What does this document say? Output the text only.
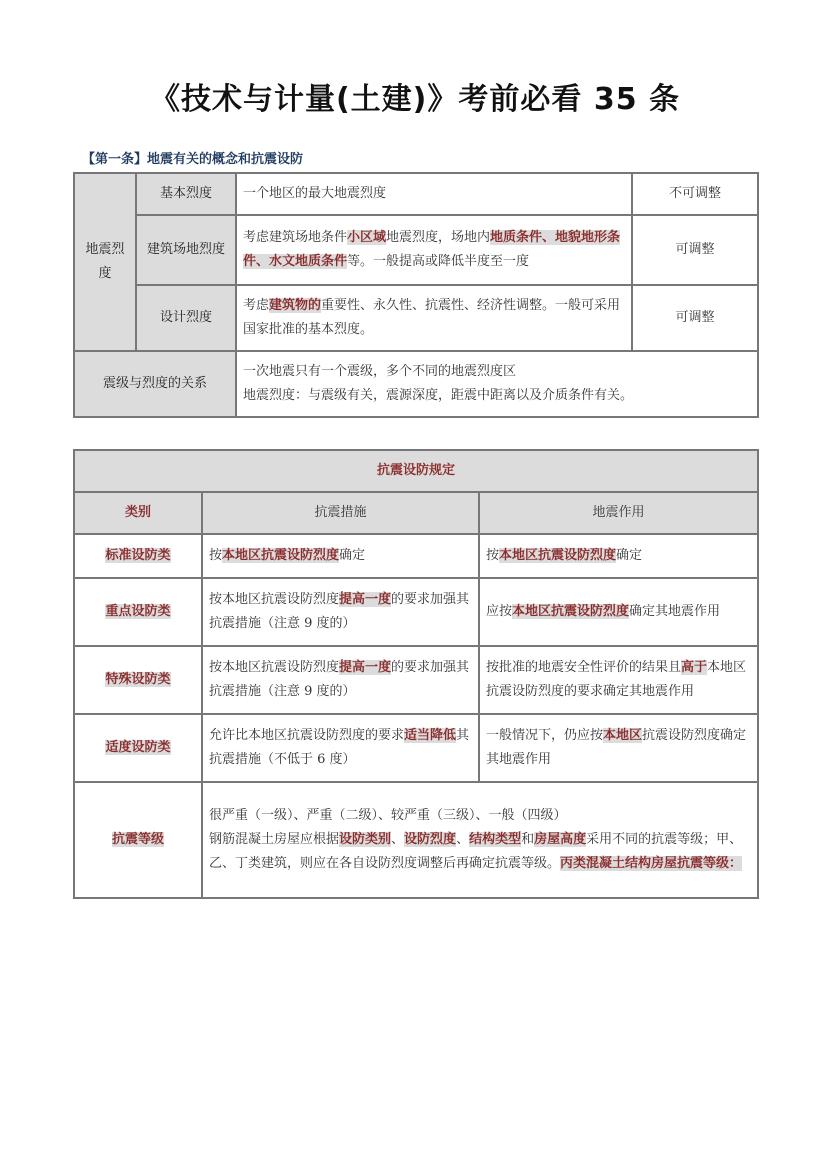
《技术与计量(土建)》考前必看 35 条
【第一条】地震有关的概念和抗震设防
地震烈度	基本烈度	一个地区的最大地震烈度	不可调整
	建筑场地烈度	考虑建筑场地条件小区域地震烈度，场地内地质条件、地貌地形条件、水文地质条件等。一般提高或降低半度至一度	可调整
	设计烈度	考虑建筑物的重要性、永久性、抗震性、经济性调整。一般可采用国家批准的基本烈度。	可调整
震级与烈度的关系		一次地震只有一个震级，多个不同的地震烈度区
地震烈度：与震级有关，震源深度，距震中距离以及介质条件有关。	
抗震设防规定		
类别	抗震措施	地震作用
标准设防类	按本地区抗震设防烈度确定	按本地区抗震设防烈度确定
重点设防类	按本地区抗震设防烈度提高一度的要求加强其抗震措施（注意 9 度的）	应按本地区抗震设防烈度确定其地震作用
特殊设防类	按本地区抗震设防烈度提高一度的要求加强其抗震措施（注意 9 度的）	按批准的地震安全性评价的结果且高于本地区抗震设防烈度的要求确定其地震作用
适度设防类	允许比本地区抗震设防烈度的要求适当降低其抗震措施（不低于 6 度）	一般情况下，仍应按本地区抗震设防烈度确定其地震作用
抗震等级	很严重（一级）、严重（二级）、较严重（三级）、一般（四级）
钢筋混凝土房屋应根据设防类别、设防烈度、结构类型和房屋高度采用不同的抗震等级；甲、乙、丁类建筑，则应在各自设防烈度调整后再确定抗震等级。丙类混凝土结构房屋抗震等级：	
